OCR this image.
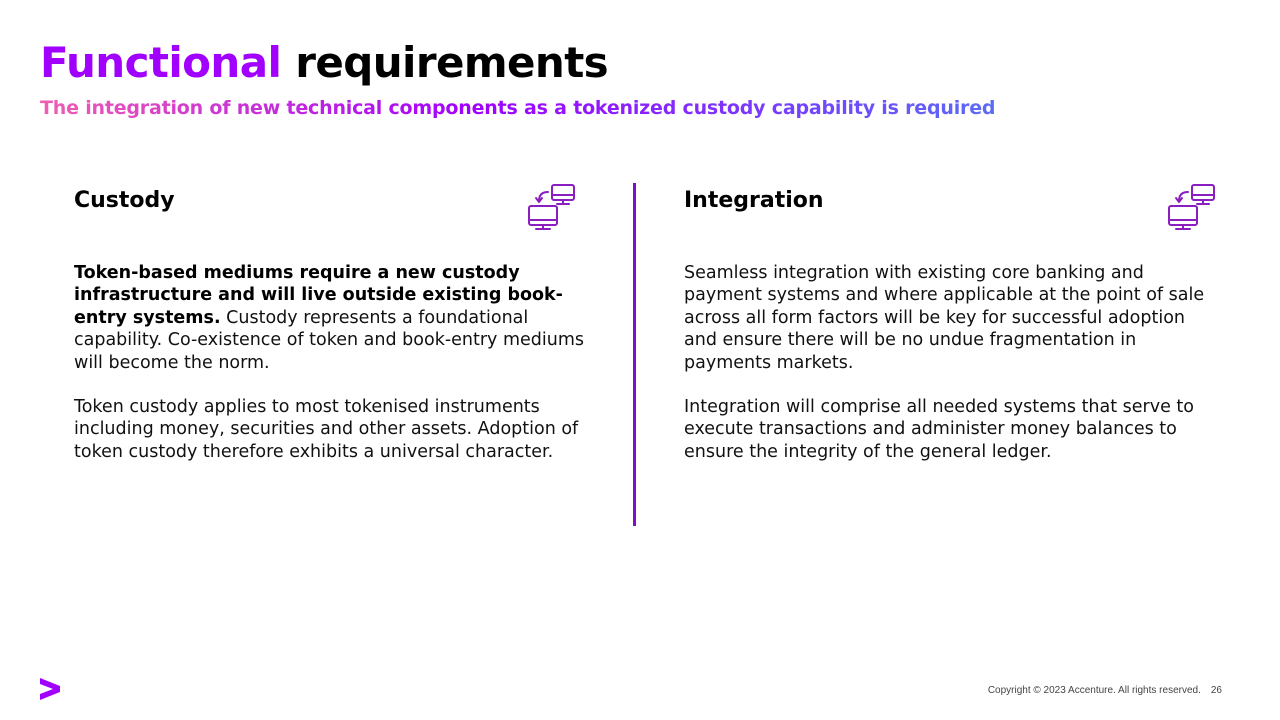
Functional requirements
The integration of new technical components as a tokenized custody capability is required
Custody

Token-based mediums require a new custody infrastructure and will live outside existing book-entry systems. Custody represents a foundational capability. Co-existence of token and book-entry mediums will become the norm.

Token custody applies to most tokenised instruments including money, securities and other assets. Adoption of token custody therefore exhibits a universal character.

Integration

Seamless integration with existing core banking and payment systems and where applicable at the point of sale across all form factors will be key for successful adoption and ensure there will be no undue fragmentation in payments markets.

Integration will comprise all needed systems that serve to execute transactions and administer money balances to ensure the integrity of the general ledger.

Copyright © 2023 Accenture. All rights reserved. 26
